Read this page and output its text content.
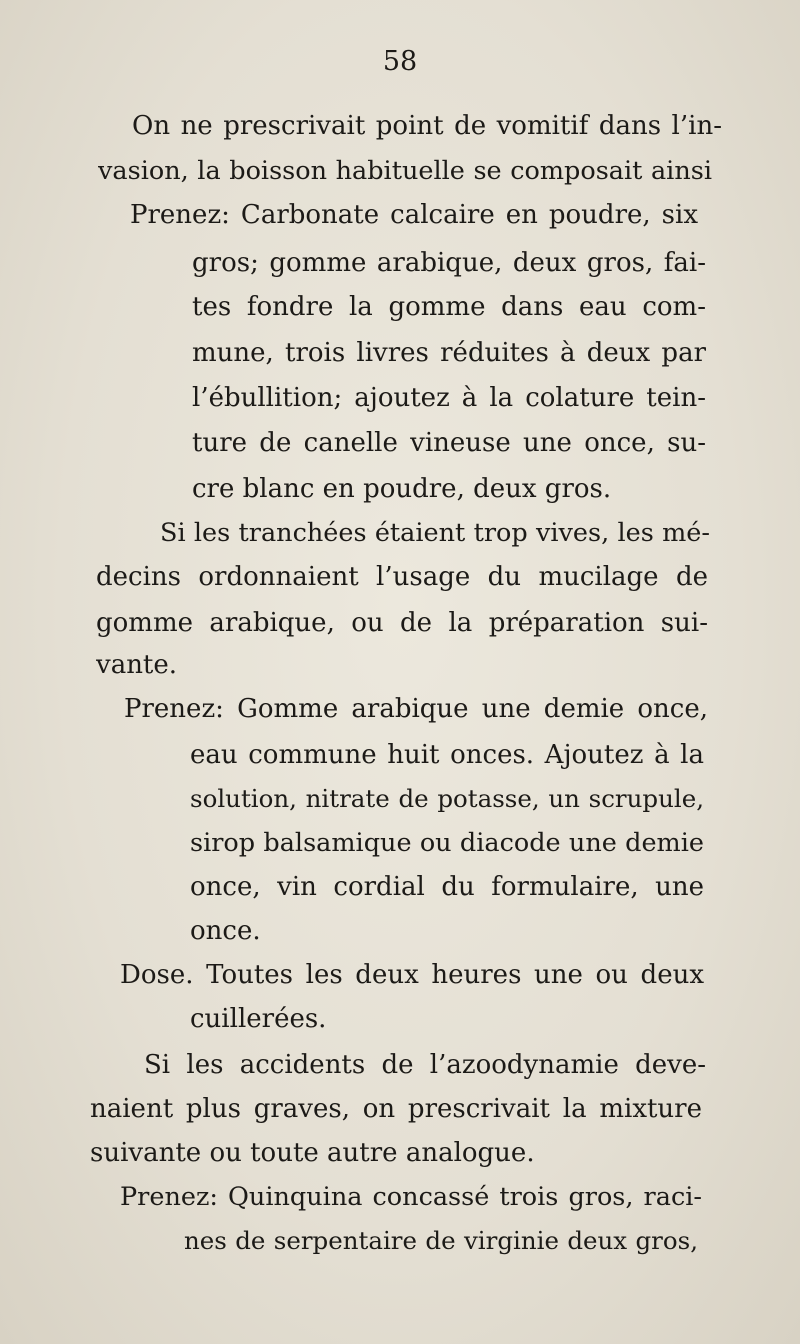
58
On ne prescrivait point de vomitif dans l’in-
vasion, la boisson habituelle se composait ainsi
Prenez: Carbonate calcaire en poudre, six
gros; gomme arabique, deux gros, fai-
tes fondre la gomme dans eau com-
mune, trois livres réduites à deux par
l’ébullition; ajoutez à la colature tein-
ture de canelle vineuse une once, su-
cre blanc en poudre, deux gros.
Si les tranchées étaient trop vives, les mé-
decins ordonnaient l’usage du mucilage de
gomme arabique, ou de la préparation sui-
vante.
Prenez: Gomme arabique une demie once,
eau commune huit onces. Ajoutez à la
solution, nitrate de potasse, un scrupule,
sirop balsamique ou diacode une demie
once, vin cordial du formulaire, une
once.
Dose. Toutes les deux heures une ou deux
cuillerées.
Si les accidents de l’azoodynamie deve-
naient plus graves, on prescrivait la mixture
suivante ou toute autre analogue.
Prenez: Quinquina concassé trois gros, raci-
nes de serpentaire de virginie deux gros,
